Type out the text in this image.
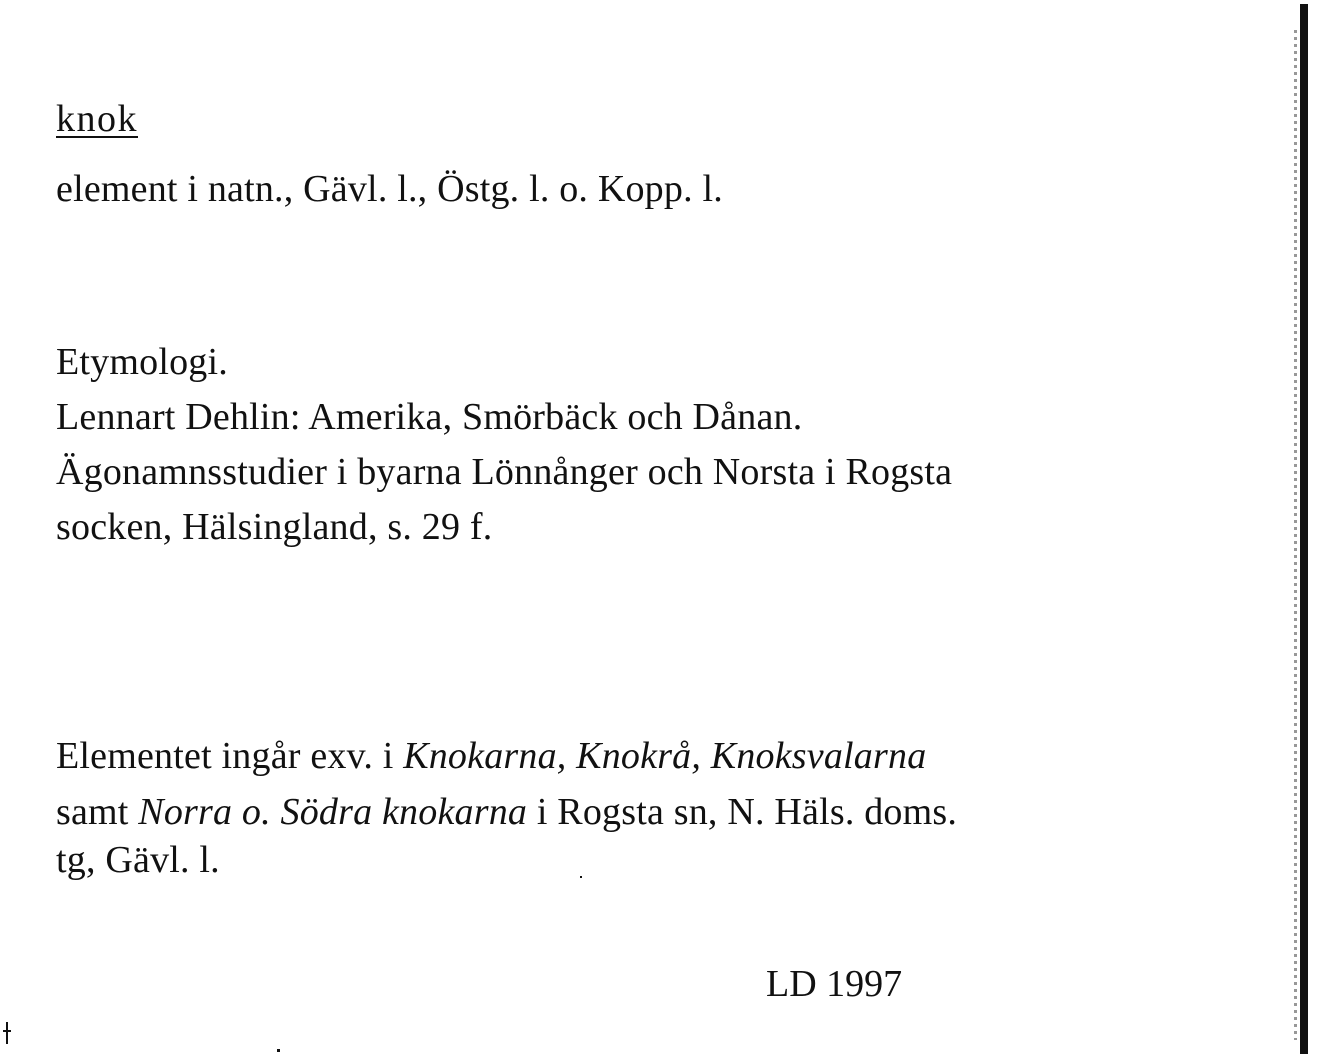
knok
element i natn., Gävl. l., Östg. l. o. Kopp. l.
Etymologi.
Lennart Dehlin: Amerika, Smörbäck och Dånan.
Ägonamnsstudier i byarna Lönnånger och Norsta i Rogsta
socken, Hälsingland, s. 29 f.
Elementet ingår exv. i Knokarna, Knokrå, Knoksvalarna
samt Norra o. Södra knokarna i Rogsta sn, N. Häls. doms.
tg, Gävl. l.
LD 1997
